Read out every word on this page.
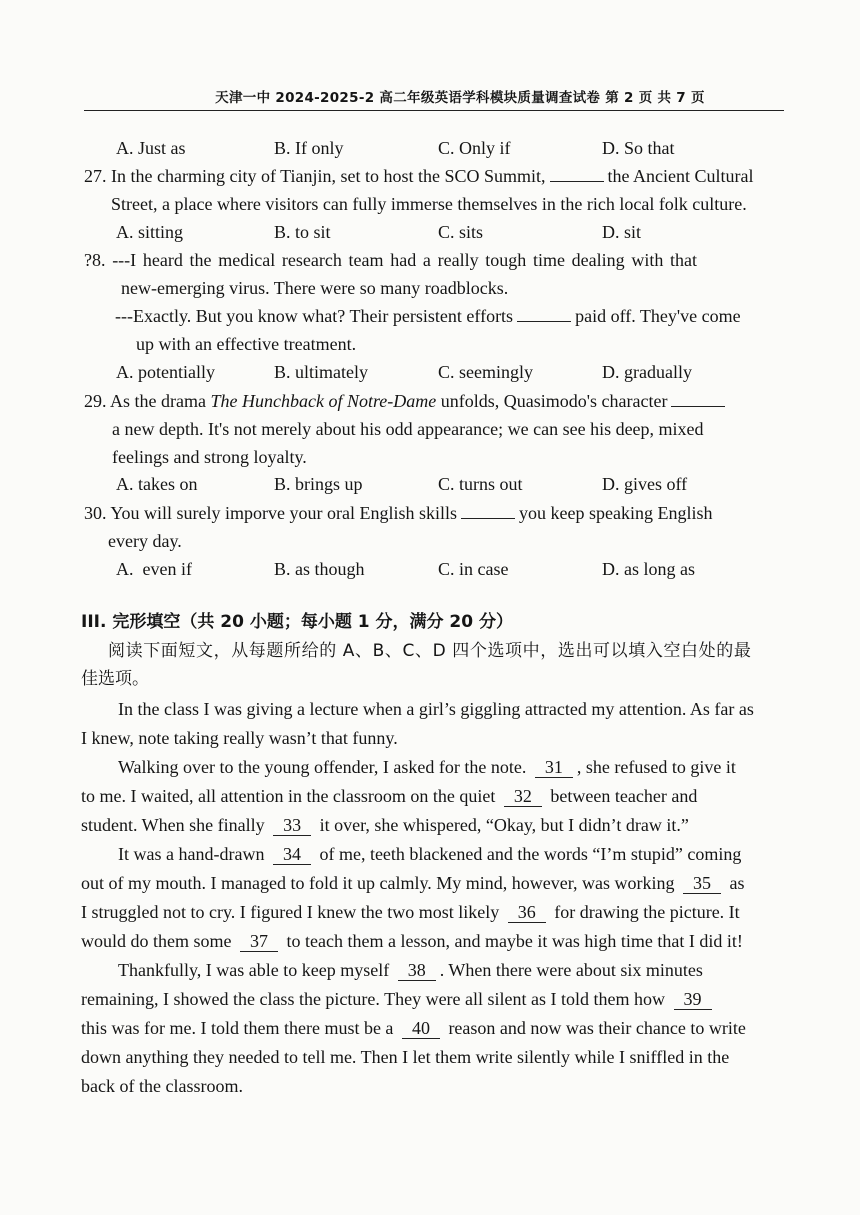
天津一中 2024-2025-2 高二年级英语学科模块质量调查试卷 第 2 页 共 7 页
A. Just as	B. If only	C. Only if	D. So that
27. In the charming city of Tianjin, set to host the SCO Summit,	the Ancient Cultural
Street, a place where visitors can fully immerse themselves in the rich local folk culture.
A. sitting	B. to sit	C. sits	D. sit
?8. ---I heard the medical research team had a really tough time dealing with that
new-emerging virus. There were so many roadblocks.
---Exactly. But you know what? Their persistent efforts	paid off. They've come
up with an effective treatment.
A. potentially	B. ultimately	C. seemingly	D. gradually
29. As the drama The Hunchback of Notre-Dame unfolds, Quasimodo's character
a new depth. It's not merely about his odd appearance; we can see his deep, mixed
feelings and strong loyalty.
A. takes on	B. brings up	C. turns out	D. gives off
30. You will surely imporve your oral English skills	you keep speaking English
every day.
A.  even if	B. as though	C. in case	D. as long as
III. 完形填空（共 20 小题；每小题 1 分，满分 20 分）
阅读下面短文，从每题所给的 A、B、C、D 四个选项中，选出可以填入空白处的最
佳选项。
In the class I was giving a lecture when a girl’s giggling attracted my attention. As far as
I knew, note taking really wasn’t that funny.
Walking over to the young offender, I asked for the note. 31 , she refused to give it
to me. I waited, all attention in the classroom on the quiet 32 between teacher and
student. When she finally 33 it over, she whispered, “Okay, but I didn’t draw it.”
It was a hand-drawn 34 of me, teeth blackened and the words “I’m stupid” coming
out of my mouth. I managed to fold it up calmly. My mind, however, was working 35 as
I struggled not to cry. I figured I knew the two most likely 36 for drawing the picture. It
would do them some 37 to teach them a lesson, and maybe it was high time that I did it!
Thankfully, I was able to keep myself 38 . When there were about six minutes
remaining, I showed the class the picture. They were all silent as I told them how 39
this was for me. I told them there must be a 40 reason and now was their chance to write
down anything they needed to tell me. Then I let them write silently while I sniffled in the
back of the classroom.
